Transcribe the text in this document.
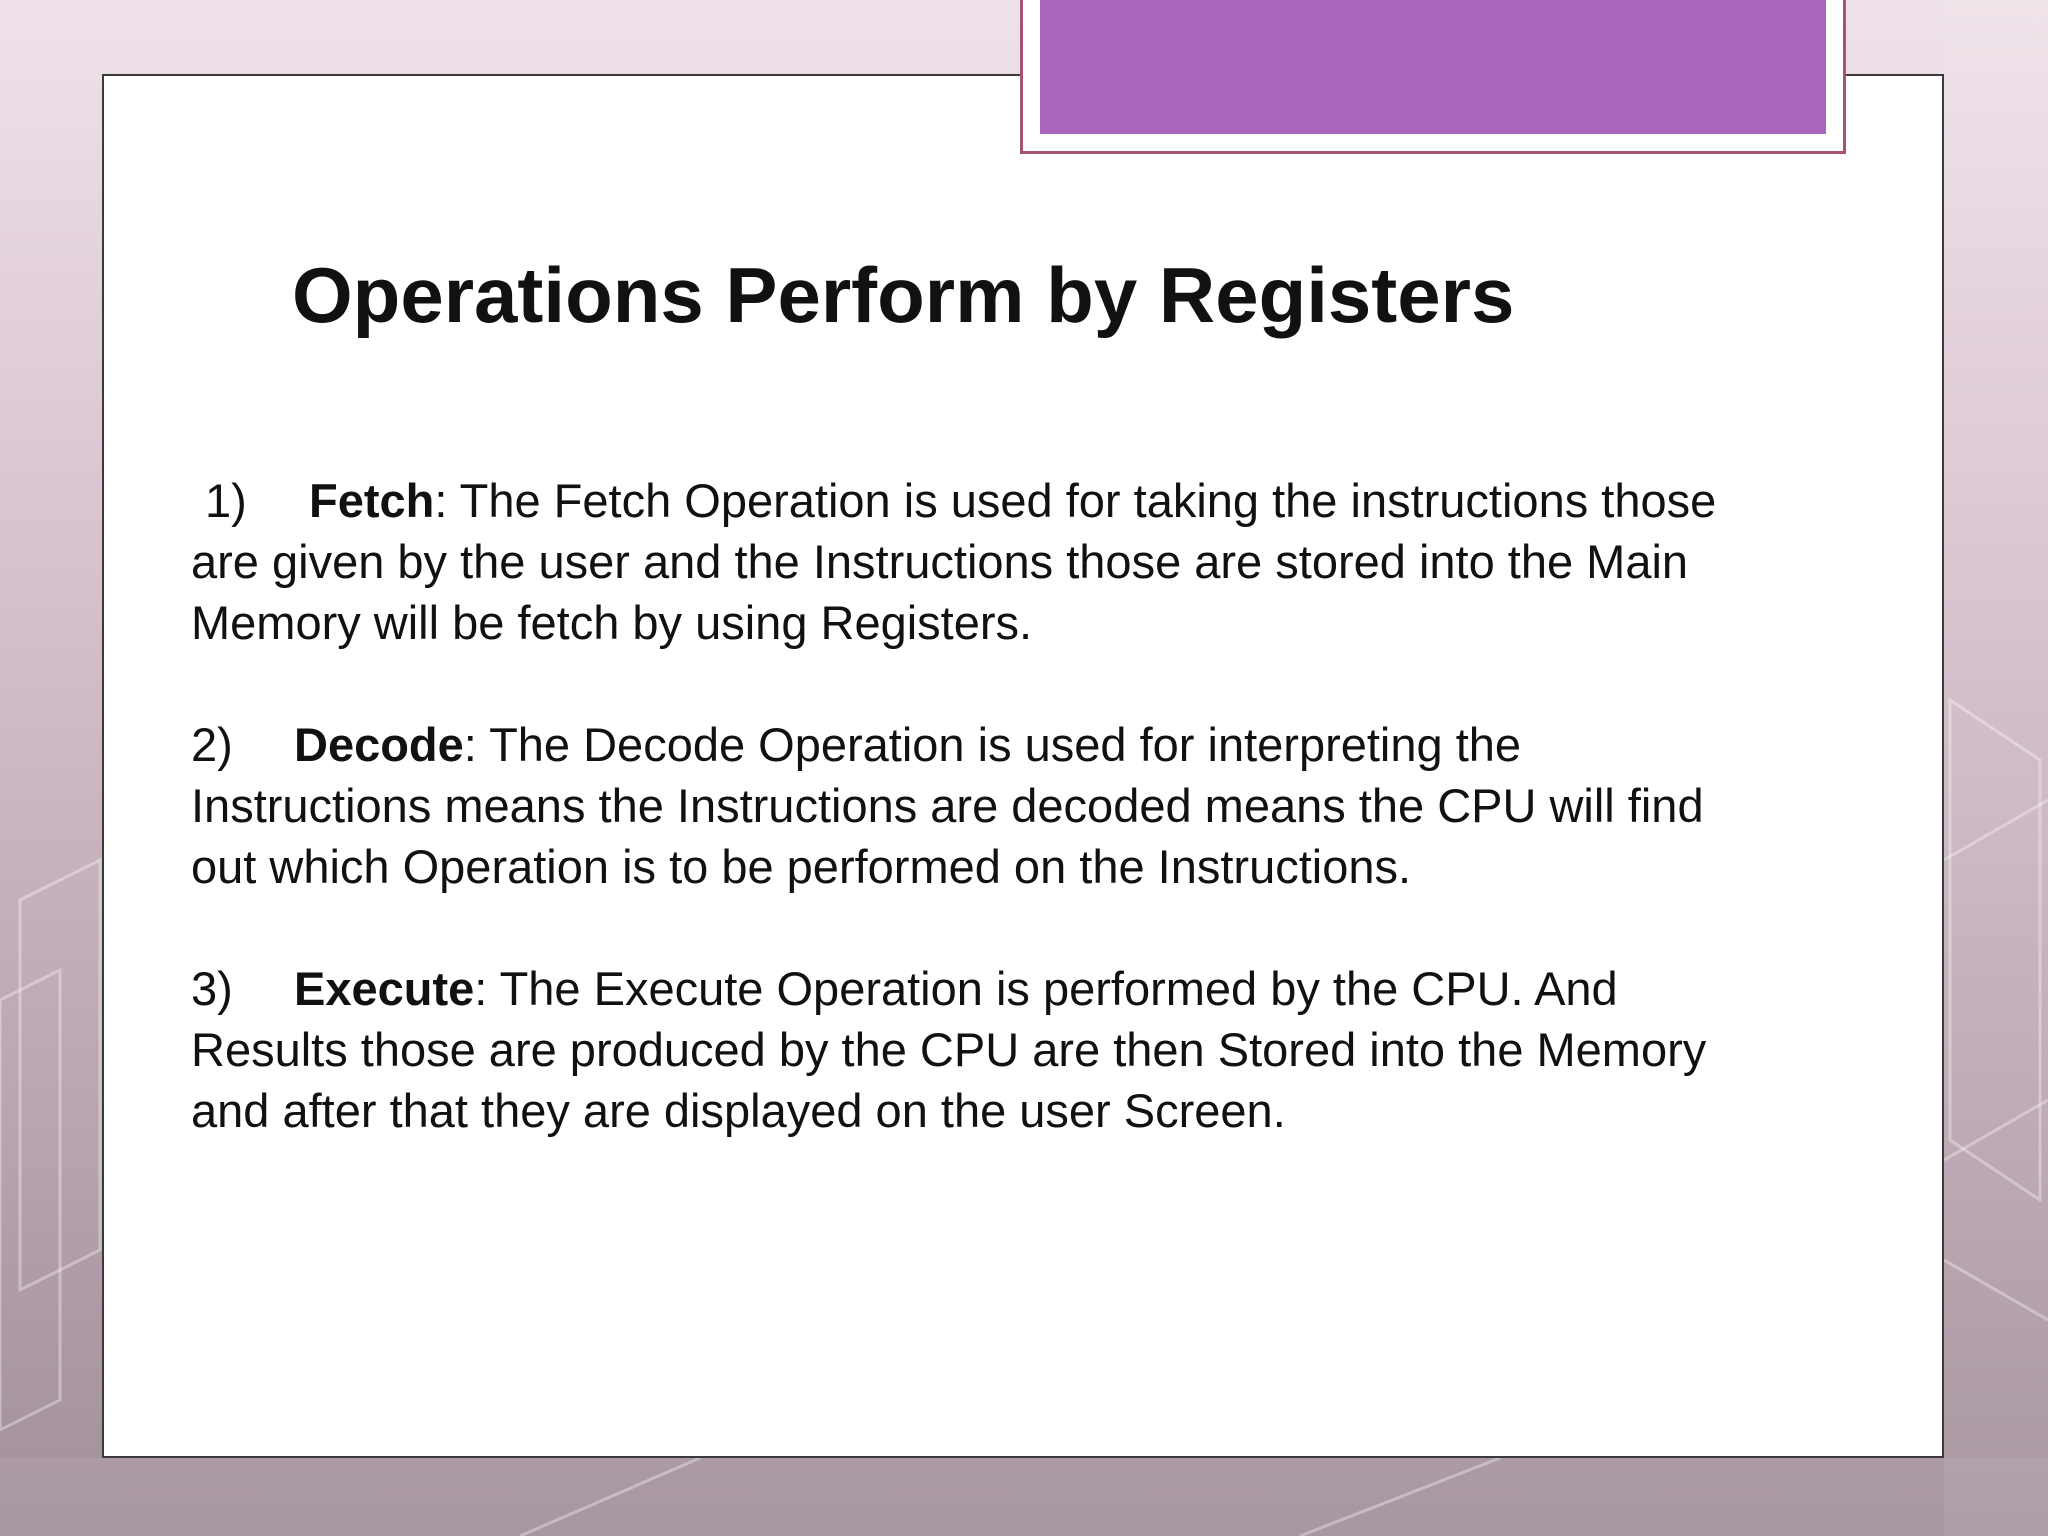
Operations Perform by Registers

1) Fetch: The Fetch Operation is used for taking the instructions those are given by the user and the Instructions those are stored into the Main Memory will be fetch by using Registers.

2) Decode: The Decode Operation is used for interpreting the Instructions means the Instructions are decoded means the CPU will find out which Operation is to be performed on the Instructions.

3) Execute: The Execute Operation is performed by the CPU. And Results those are produced by the CPU are then Stored into the Memory and after that they are displayed on the user Screen.
